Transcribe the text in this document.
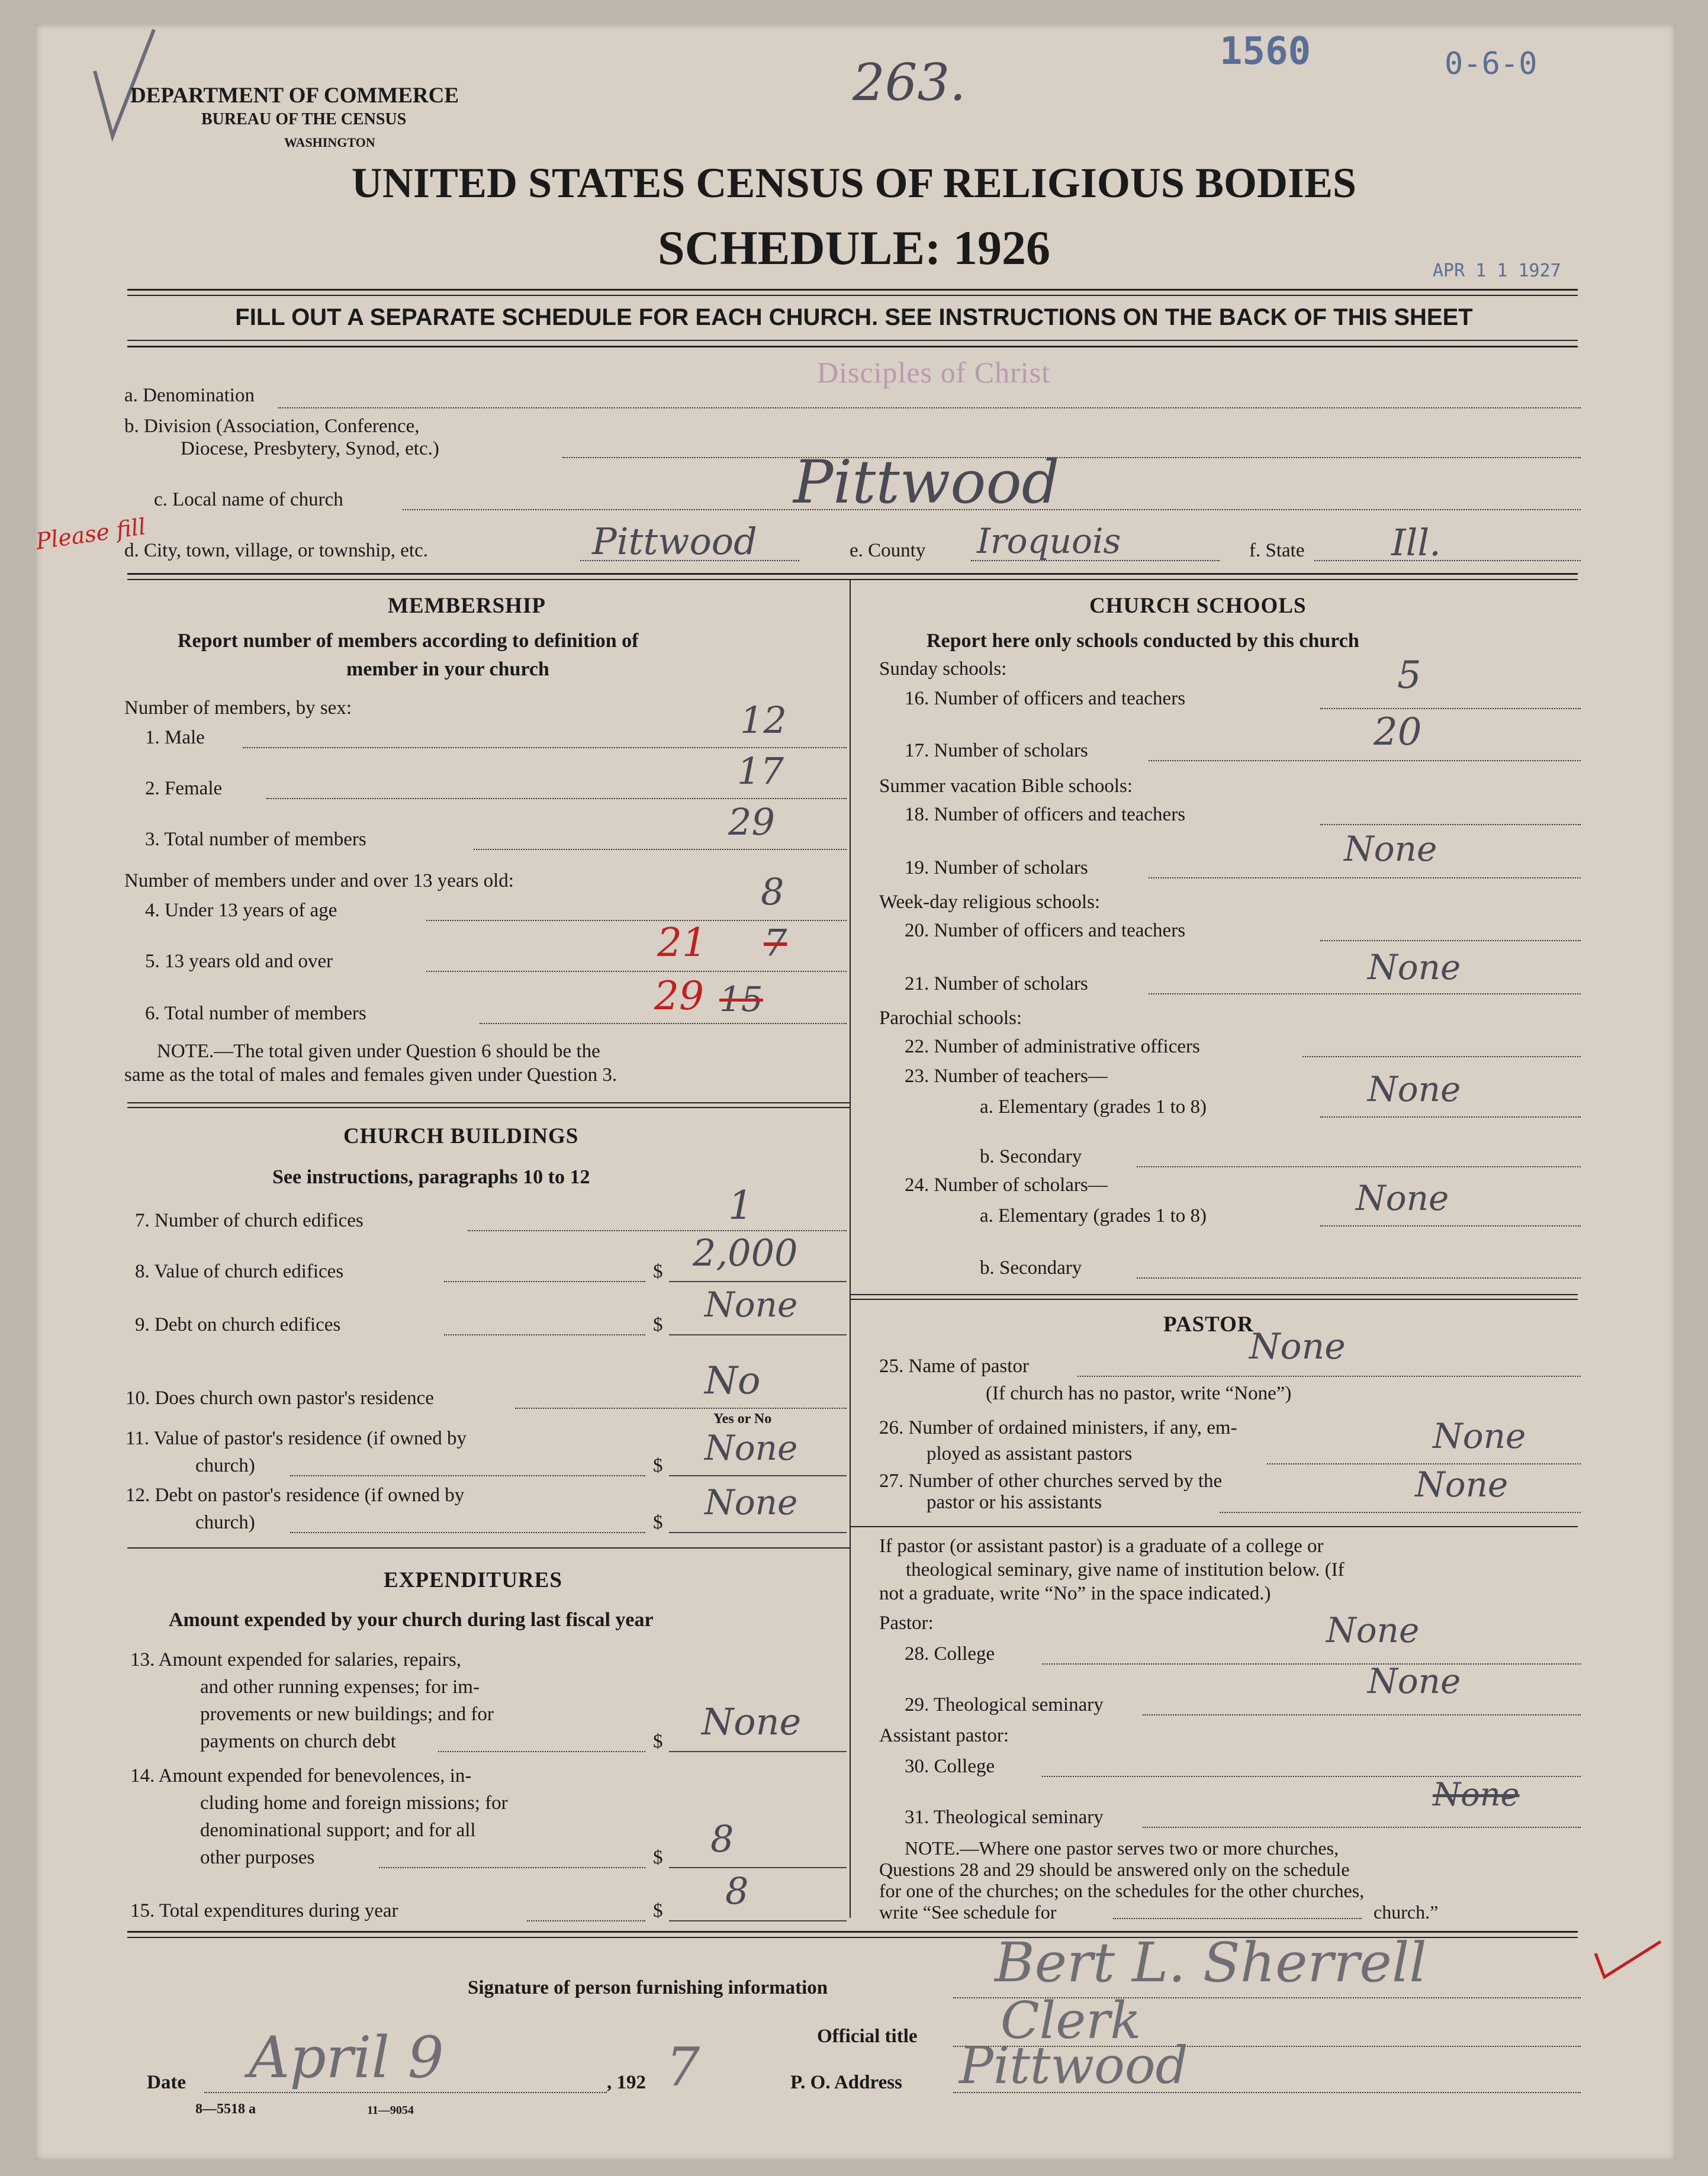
DEPARTMENT OF COMMERCE
BUREAU OF THE CENSUS
WASHINGTON
263.
1560	0-6-0
APR 1 1 1927
UNITED STATES CENSUS OF RELIGIOUS BODIES
SCHEDULE: 1926
FILL OUT A SEPARATE SCHEDULE FOR EACH CHURCH. SEE INSTRUCTIONS ON THE BACK OF THIS SHEET
a. Denomination
Disciples of Christ
b. Division (Association, Conference,
Diocese, Presbytery, Synod, etc.)
c. Local name of church	Pittwood
Please fill
d. City, town, village, or township, etc.	Pittwood	e. County Iroquois	f. State Ill.
MEMBERSHIP
Report number of members according to definition of
member in your church
Number of members, by sex:
1. Male	12
2. Female	17
3. Total number of members	29
Number of members under and over 13 years old:
4. Under 13 years of age	8
5. 13 years old and over	21 7
6. Total number of members	29 15
NOTE.—The total given under Question 6 should be the
same as the total of males and females given under Question 3.
CHURCH BUILDINGS
See instructions, paragraphs 10 to 12
7. Number of church edifices	1
8. Value of church edifices	$ 2,000
9. Debt on church edifices	$ None
10. Does church own pastor's residence	No
Yes or No
11. Value of pastor's residence (if owned by
church)	$ None
12. Debt on pastor's residence (if owned by
church)	$ None
EXPENDITURES
Amount expended by your church during last fiscal year
13. Amount expended for salaries, repairs,
and other running expenses; for im-
provements or new buildings; and for
payments on church debt	$ None
14. Amount expended for benevolences, in-
cluding home and foreign missions; for
denominational support; and for all
other purposes	$ 8
15. Total expenditures during year	$ 8
CHURCH SCHOOLS
Report here only schools conducted by this church
Sunday schools:
16. Number of officers and teachers
5
17. Number of scholars	20
Summer vacation Bible schools:
18. Number of officers and teachers
19. Number of scholars	None
Week-day religious schools:
20. Number of officers and teachers
21. Number of scholars	None
Parochial schools:
22. Number of administrative officers
23. Number of teachers—
a. Elementary (grades 1 to 8)	None
b. Secondary
24. Number of scholars—
a. Elementary (grades 1 to 8)	None
b. Secondary
PASTOR
25. Name of pastor	None
(If church has no pastor, write “None”)
26. Number of ordained ministers, if any, em-
ployed as assistant pastors	None
27. Number of other churches served by the
pastor or his assistants	None
If pastor (or assistant pastor) is a graduate of a college or
theological seminary, give name of institution below. (If
not a graduate, write “No” in the space indicated.)
Pastor:
28. College
None
29. Theological seminary
None
Assistant pastor:
30. College
31. Theological seminary
None
NOTE.—Where one pastor serves two or more churches,
Questions 28 and 29 should be answered only on the schedule
for one of the churches; on the schedules for the other churches,
write “See schedule for	church.”
Signature of person furnishing information	Bert L. Sherrell
Official title Clerk
Date April 9	, 192 7	P. O. Address Pittwood
8—5518 a	11—9054
